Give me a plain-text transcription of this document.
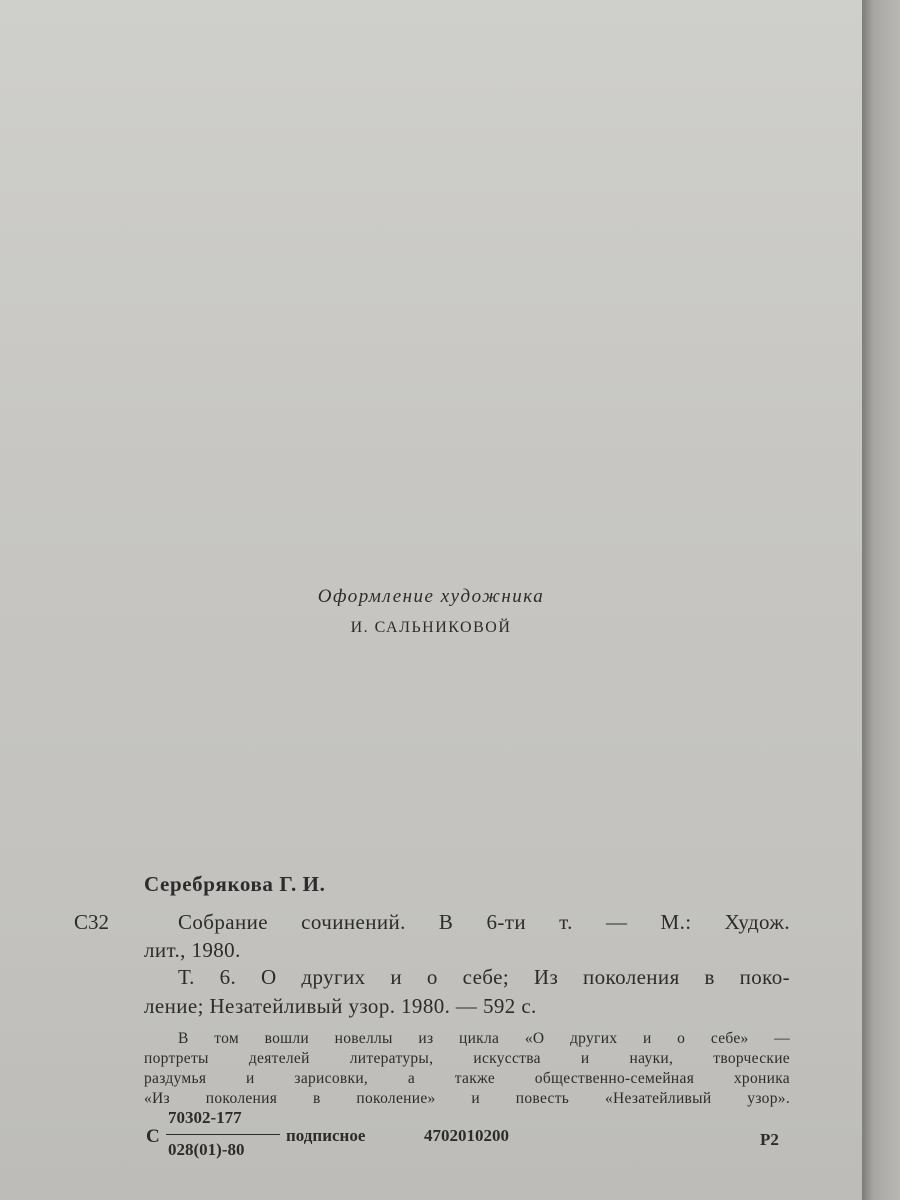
Оформление художника
И. САЛЬНИКОВОЙ
Серебрякова Г. И.
С32	Собрание сочинений. В 6-ти т. — М.: Худож.
лит., 1980.
Т. 6. О других и о себе; Из поколения в поко-
ление; Незатейливый узор. 1980. — 592 с.
В том вошли новеллы из цикла «О других и о себе» —
портреты деятелей литературы, искусства и науки, творческие
раздумья и зарисовки, а также общественно-семейная хроника
«Из поколения в поколение» и повесть «Незатейливый узор».
С
70302-177
028(01)-80
подписное	4702010200	Р2
